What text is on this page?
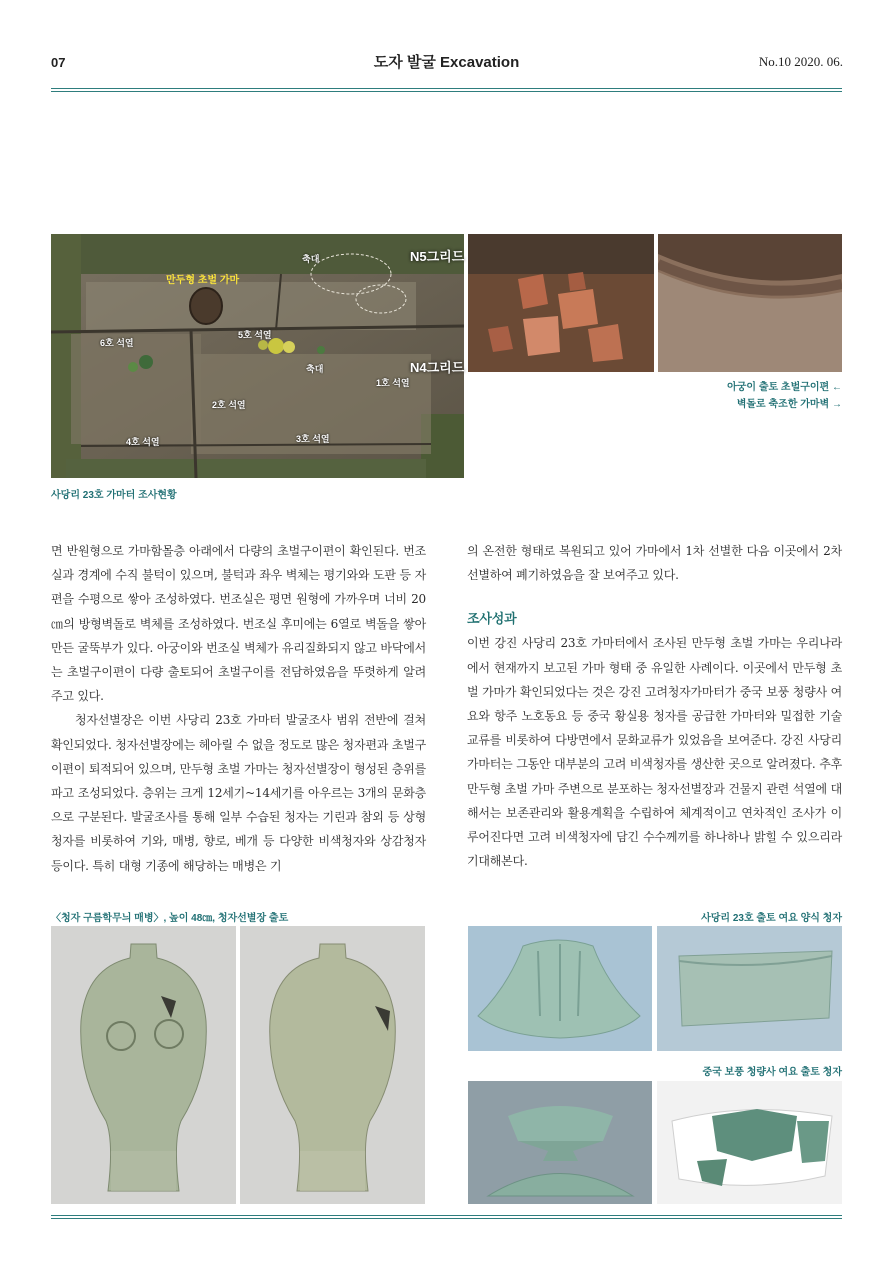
07	도자 발굴 Excavation	No.10 2020. 06.
N5그리드
N4그리드
만두형 초벌 가마
축대
축대
5호 석열
6호 석열
1호 석열
2호 석열
3호 석열
4호 석열
사당리 23호 가마터 조사현황
아궁이 출토 초벌구이편 ←
벽돌로 축조한 가마벽 →

면 반원형으로 가마함몰층 아래에서 다량의 초벌구이편이 확인된다. 번조실과 경계에 수직 불턱이 있으며, 불턱과 좌우 벽체는 평기와와 도판 등 자편을 수평으로 쌓아 조성하였다. 번조실은 평면 원형에 가까우며 너비 20㎝의 방형벽돌로 벽체를 조성하였다. 번조실 후미에는 6열로 벽돌을 쌓아 만든 굴뚝부가 있다. 아궁이와 번조실 벽체가 유리질화되지 않고 바닥에서는 초벌구이편이 다량 출토되어 초벌구이를 전담하였음을 뚜렷하게 알려주고 있다.

청자선별장은 이번 사당리 23호 가마터 발굴조사 범위 전반에 걸쳐 확인되었다. 청자선별장에는 헤아릴 수 없을 정도로 많은 청자편과 초벌구이편이 퇴적되어 있으며, 만두형 초벌 가마는 청자선별장이 형성된 층위를 파고 조성되었다. 층위는 크게 12세기~14세기를 아우르는 3개의 문화층으로 구분된다. 발굴조사를 통해 일부 수습된 청자는 기린과 참외 등 상형 청자를 비롯하여 기와, 매병, 향로, 베개 등 다양한 비색청자와 상감청자 등이다. 특히 대형 기종에 해당하는 매병은 기

의 온전한 형태로 복원되고 있어 가마에서 1차 선별한 다음 이곳에서 2차 선별하여 폐기하였음을 잘 보여주고 있다.

조사성과

이번 강진 사당리 23호 가마터에서 조사된 만두형 초벌 가마는 우리나라에서 현재까지 보고된 가마 형태 중 유일한 사례이다. 이곳에서 만두형 초벌 가마가 확인되었다는 것은 강진 고려청자가마터가 중국 보풍 청량사 여요와 항주 노호동요 등 중국 황실용 청자를 공급한 가마터와 밀접한 기술교류를 비롯하여 다방면에서 문화교류가 있었음을 보여준다. 강진 사당리가마터는 그동안 대부분의 고려 비색청자를 생산한 곳으로 알려졌다. 추후 만두형 초벌 가마 주변으로 분포하는 청자선별장과 건물지 관련 석열에 대해서는 보존관리와 활용계획을 수립하여 체계적이고 연차적인 조사가 이루어진다면 고려 비색청자에 담긴 수수께끼를 하나하나 밝힐 수 있으리라 기대해본다.

〈청자 구름학무늬 매병〉, 높이 48㎝, 청자선별장 출토	사당리 23호 출토 여요 양식 청자
중국 보풍 청량사 여요 출토 청자
